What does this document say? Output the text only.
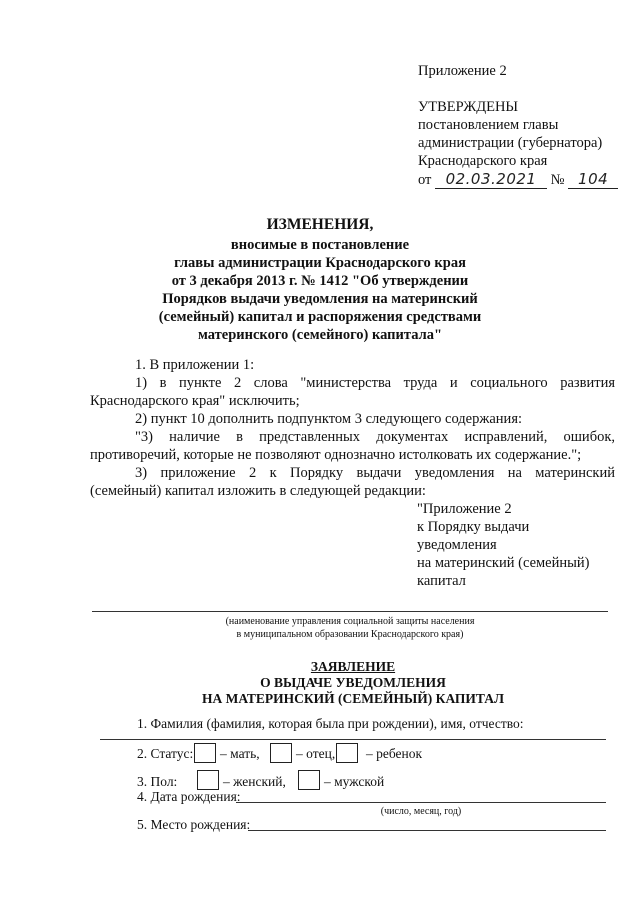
Приложение 2
УТВЕРЖДЕНЫ
постановлением главы
администрации (губернатора)
Краснодарского края
от 02.03.2021 № 104
ИЗМЕНЕНИЯ,
вносимые в постановление
главы администрации Краснодарского края
от 3 декабря 2013 г. № 1412 "Об утверждении
Порядков выдачи уведомления на материнский
(семейный) капитал и распоряжения средствами
материнского (семейного) капитала"
1. В приложении 1:
1) в пункте 2 слова "министерства труда и социального развития
Краснодарского края" исключить;
2) пункт 10 дополнить подпунктом 3 следующего содержания:
"3) наличие в представленных документах исправлений, ошибок,
противоречий, которые не позволяют однозначно истолковать их содержание.";
3) приложение 2 к Порядку выдачи уведомления на материнский
(семейный) капитал изложить в следующей редакции:
"Приложение 2
к Порядку выдачи
уведомления
на материнский (семейный)
капитал
(наименование управления социальной защиты населения
в муниципальном образовании Краснодарского края)
ЗАЯВЛЕНИЕ
О ВЫДАЧЕ УВЕДОМЛЕНИЯ
НА МАТЕРИНСКИЙ (СЕМЕЙНЫЙ) КАПИТАЛ
1. Фамилия (фамилия, которая была при рождении), имя, отчество:
2. Статус: – мать,	– отец, – ребенок
3. Пол:	– женский,	– мужской
4. Дата рождения:
(число, месяц, год)
5. Место рождения:
